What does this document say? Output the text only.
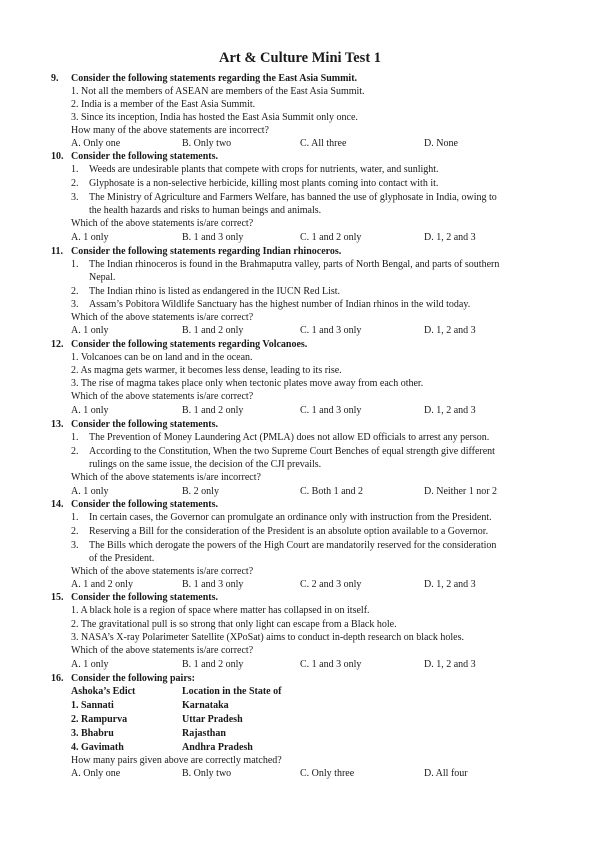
Art & Culture Mini Test 1
9. Consider the following statements regarding the East Asia Summit.
1. Not all the members of ASEAN are members of the East Asia Summit.
2. India is a member of the East Asia Summit.
3. Since its inception, India has hosted the East Asia Summit only once.
How many of the above statements are incorrect?
A. Only one	B. Only two	C. All three	D. None
10. Consider the following statements.
1. Weeds are undesirable plants that compete with crops for nutrients, water, and sunlight.
2. Glyphosate is a non-selective herbicide, killing most plants coming into contact with it.
3. The Ministry of Agriculture and Farmers Welfare, has banned the use of glyphosate in India, owing to
the health hazards and risks to human beings and animals.
Which of the above statements is/are correct?
A. 1 only	B. 1 and 3 only	C. 1 and 2 only	D. 1, 2 and 3
11. Consider the following statements regarding Indian rhinoceros.
1. The Indian rhinoceros is found in the Brahmaputra valley, parts of North Bengal, and parts of southern
Nepal.
2. The Indian rhino is listed as endangered in the IUCN Red List.
3. Assam’s Pobitora Wildlife Sanctuary has the highest number of Indian rhinos in the wild today.
Which of the above statements is/are correct?
A. 1 only	B. 1 and 2 only	C. 1 and 3 only	D. 1, 2 and 3
12. Consider the following statements regarding Volcanoes.
1. Volcanoes can be on land and in the ocean.
2. As magma gets warmer, it becomes less dense, leading to its rise.
3. The rise of magma takes place only when tectonic plates move away from each other.
Which of the above statements is/are correct?
A. 1 only	B. 1 and 2 only	C. 1 and 3 only	D. 1, 2 and 3
13. Consider the following statements.
1. The Prevention of Money Laundering Act (PMLA) does not allow ED officials to arrest any person.
2. According to the Constitution, When the two Supreme Court Benches of equal strength give different
rulings on the same issue, the decision of the CJI prevails.
Which of the above statements is/are incorrect?
A. 1 only	B. 2 only	C. Both 1 and 2	D. Neither 1 nor 2
14. Consider the following statements.
1. In certain cases, the Governor can promulgate an ordinance only with instruction from the President.
2. Reserving a Bill for the consideration of the President is an absolute option available to a Governor.
3. The Bills which derogate the powers of the High Court are mandatorily reserved for the consideration
of the President.
Which of the above statements is/are correct?
A. 1 and 2 only	B. 1 and 3 only	C. 2 and 3 only	D. 1, 2 and 3
15. Consider the following statements.
1. A black hole is a region of space where matter has collapsed in on itself.
2. The gravitational pull is so strong that only light can escape from a Black hole.
3. NASA’s X-ray Polarimeter Satellite (XPoSat) aims to conduct in-depth research on black holes.
Which of the above statements is/are correct?
A. 1 only	B. 1 and 2 only	C. 1 and 3 only	D. 1, 2 and 3
16. Consider the following pairs:
Ashoka’s Edict	Location in the State of
1. Sannati	Karnataka
2. Rampurva	Uttar Pradesh
3. Bhabru	Rajasthan
4. Gavimath	Andhra Pradesh
How many pairs given above are correctly matched?
A. Only one	B. Only two	C. Only three	D. All four
